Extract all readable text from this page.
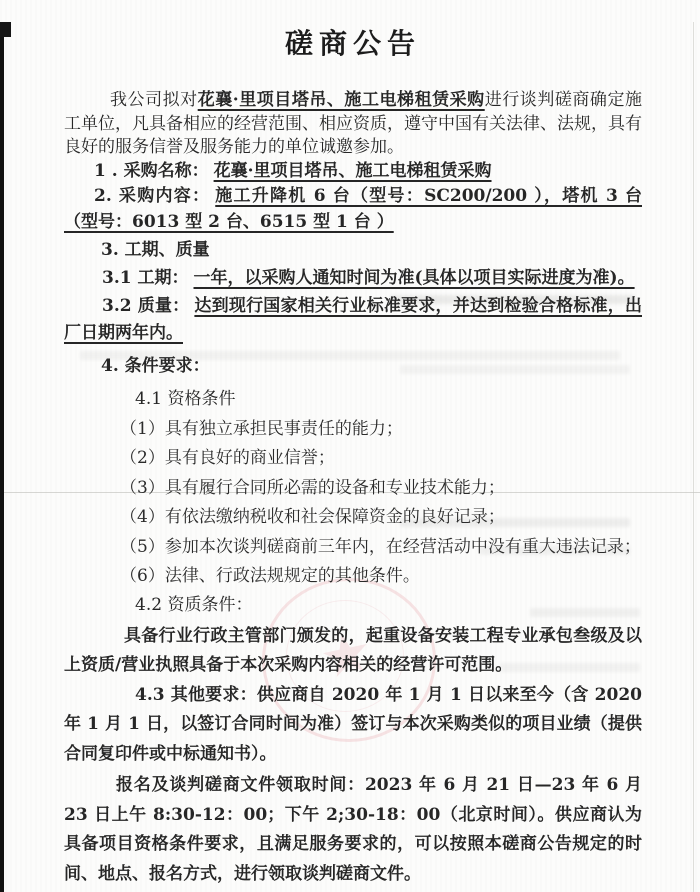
★
磋商公告

我公司拟对花襄·里项目塔吊、施工电梯租赁采购进行谈判磋商确定施工单位，凡具备相应的经营范围、相应资质，遵守中国有关法律、法规，具有良好的服务信誉及服务能力的单位诚邀参加。

1 . 采购名称： 花襄·里项目塔吊、施工电梯租赁采购

2. 采购内容： 施工升降机 6 台（型号：SC200/200 ），塔机 3 台（型号：6013 型 2 台、6515 型 1 台 ）

3. 工期、质量

3.1 工期： 一年，以采购人通知时间为准(具体以项目实际进度为准)。

3.2 质量： 达到现行国家相关行业标准要求，并达到检验合格标准，出厂日期两年内。

4. 条件要求：

4.1 资格条件

（1）具有独立承担民事责任的能力；
（2）具有良好的商业信誉；
（3）具有履行合同所必需的设备和专业技术能力；
（4）有依法缴纳税收和社会保障资金的良好记录；
（5）参加本次谈判磋商前三年内，在经营活动中没有重大违法记录；
（6）法律、行政法规规定的其他条件。

4.2 资质条件：

具备行业行政主管部门颁发的，起重设备安装工程专业承包叁级及以上资质/营业执照具备于本次采购内容相关的经营许可范围。

4.3 其他要求：供应商自 2020 年 1 月 1 日以来至今（含 2020 年 1 月 1 日，以签订合同时间为准）签订与本次采购类似的项目业绩（提供合同复印件或中标通知书）。

报名及谈判磋商文件领取时间：2023 年 6 月 21 日—23 年 6 月 23 日上午 8:30-12：00；下午 2;30-18：00（北京时间）。供应商认为具备项目资格条件要求，且满足服务要求的，可以按照本磋商公告规定的时间、地点、报名方式，进行领取谈判磋商文件。
